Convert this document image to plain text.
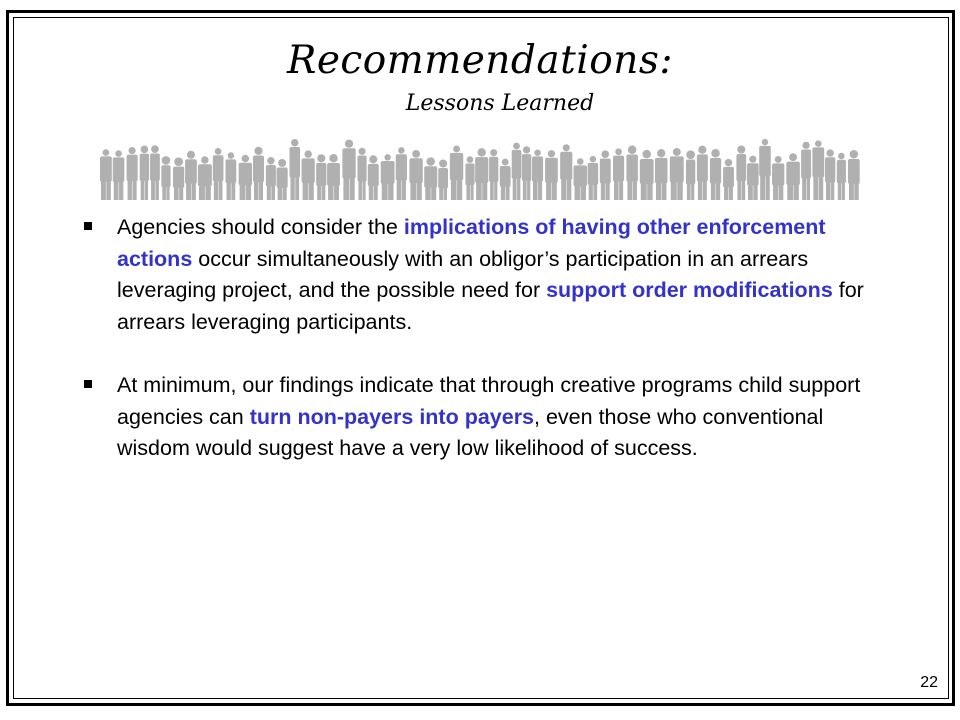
Recommendations:
Lessons Learned
Agencies should consider the implications of having other enforcement actions occur simultaneously with an obligor’s participation in an arrears leveraging project, and the possible need for support order modifications for arrears leveraging participants.
At minimum, our findings indicate that through creative programs child support agencies can turn non-payers into payers, even those who conventional wisdom would suggest have a very low likelihood of success.
22
